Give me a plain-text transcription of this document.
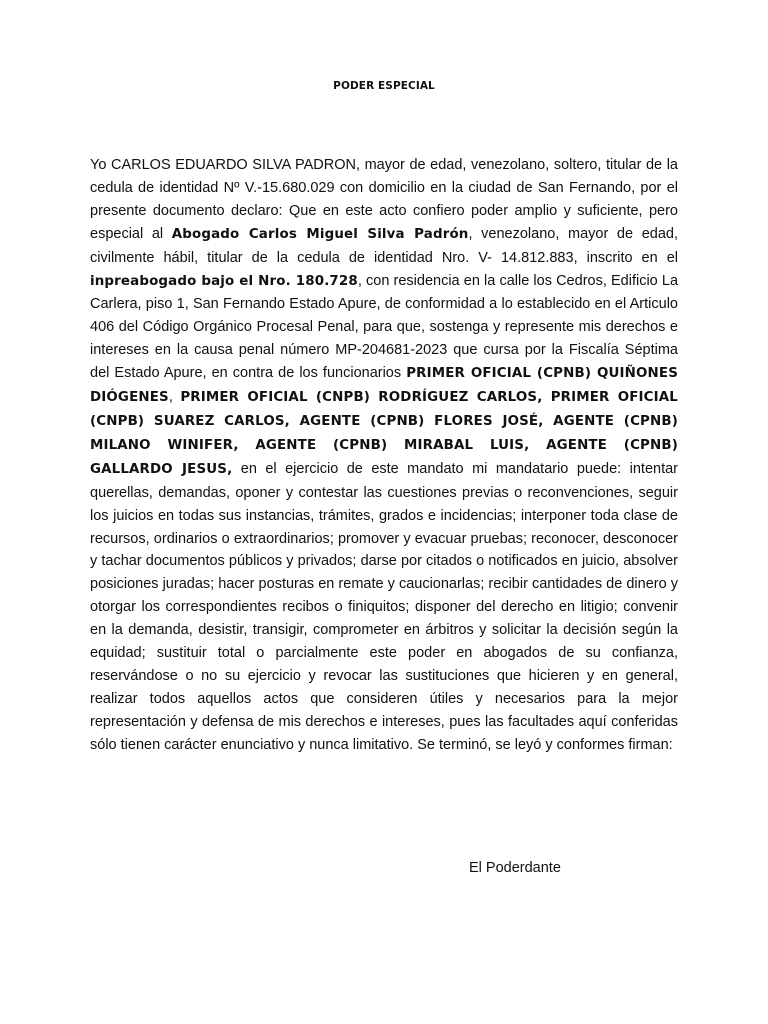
PODER ESPECIAL

Yo CARLOS EDUARDO SILVA PADRON, mayor de edad, venezolano, soltero, titular de la cedula de identidad Nº V.-15.680.029 con domicilio en la ciudad de San Fernando, por el presente documento declaro: Que en este acto confiero poder amplio y suficiente, pero especial al Abogado Carlos Miguel Silva Padrón, venezolano, mayor de edad, civilmente hábil, titular de la cedula de identidad Nro. V- 14.812.883, inscrito en el inpreabogado bajo el Nro. 180.728, con residencia en la calle los Cedros, Edificio La Carlera, piso 1, San Fernando Estado Apure, de conformidad a lo establecido en el Articulo 406 del Código Orgánico Procesal Penal, para que, sostenga y represente mis derechos e intereses en la causa penal número MP-204681-2023 que cursa por la Fiscalía Séptima del Estado Apure, en contra de los funcionarios PRIMER OFICIAL (CPNB) QUIÑONES DIÓGENES, PRIMER OFICIAL (CNPB) RODRÍGUEZ CARLOS, PRIMER OFICIAL (CNPB) SUAREZ CARLOS, AGENTE (CPNB) FLORES JOSÉ, AGENTE (CPNB) MILANO WINIFER, AGENTE (CPNB) MIRABAL LUIS, AGENTE (CPNB) GALLARDO JESUS, en el ejercicio de este mandato mi mandatario puede: intentar querellas, demandas, oponer y contestar las cuestiones previas o reconvenciones, seguir los juicios en todas sus instancias, trámites, grados e incidencias; interponer toda clase de recursos, ordinarios o extraordinarios; promover y evacuar pruebas; reconocer, desconocer y tachar documentos públicos y privados; darse por citados o notificados en juicio, absolver posiciones juradas; hacer posturas en remate y caucionarlas; recibir cantidades de dinero y otorgar los correspondientes recibos o finiquitos; disponer del derecho en litigio; convenir en la demanda, desistir, transigir, comprometer en árbitros y solicitar la decisión según la equidad; sustituir total o parcialmente este poder en abogados de su confianza, reservándose o no su ejercicio y revocar las sustituciones que hicieren y en general, realizar todos aquellos actos que consideren útiles y necesarios para la mejor representación y defensa de mis derechos e intereses, pues las facultades aquí conferidas sólo tienen carácter enunciativo y nunca limitativo. Se terminó, se leyó y conformes firman:

El Poderdante
